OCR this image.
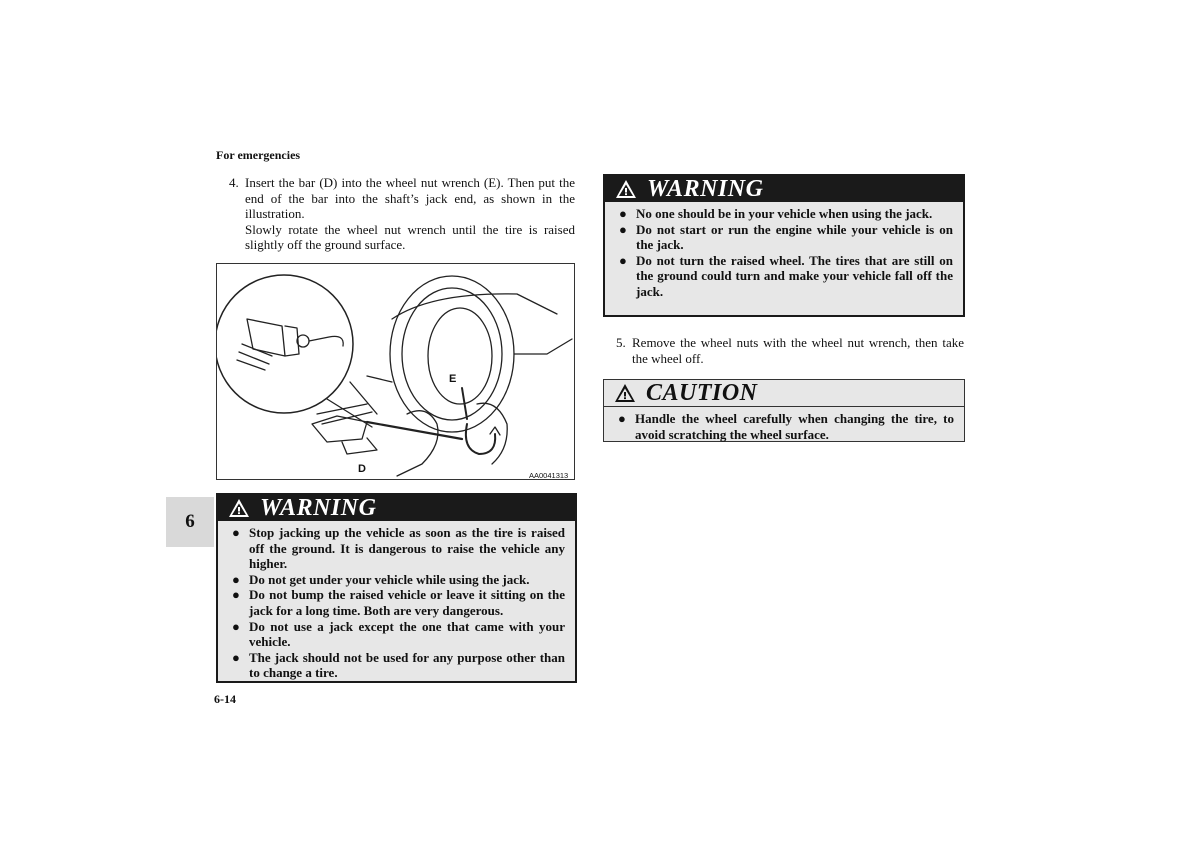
For emergencies
4. Insert the bar (D) into the wheel nut wrench (E). Then put the end of the bar into the shaft’s jack end, as shown in the illustration.

Slowly rotate the wheel nut wrench until the tire is raised slightly off the ground surface.

E
D
AA0041313
WARNING
● Stop jacking up the vehicle as soon as the tire is raised off the ground. It is dangerous to raise the vehicle any higher.
● Do not get under your vehicle while using the jack.
● Do not bump the raised vehicle or leave it sitting on the jack for a long time. Both are very dangerous.
● Do not use a jack except the one that came with your vehicle.
● The jack should not be used for any purpose other than to change a tire.
WARNING
● No one should be in your vehicle when using the jack.
● Do not start or run the engine while your vehicle is on the jack.
● Do not turn the raised wheel. The tires that are still on the ground could turn and make your vehicle fall off the jack.
5. Remove the wheel nuts with the wheel nut wrench, then take the wheel off.

CAUTION
● Handle the wheel carefully when changing the tire, to avoid scratching the wheel surface.
6
6-14
